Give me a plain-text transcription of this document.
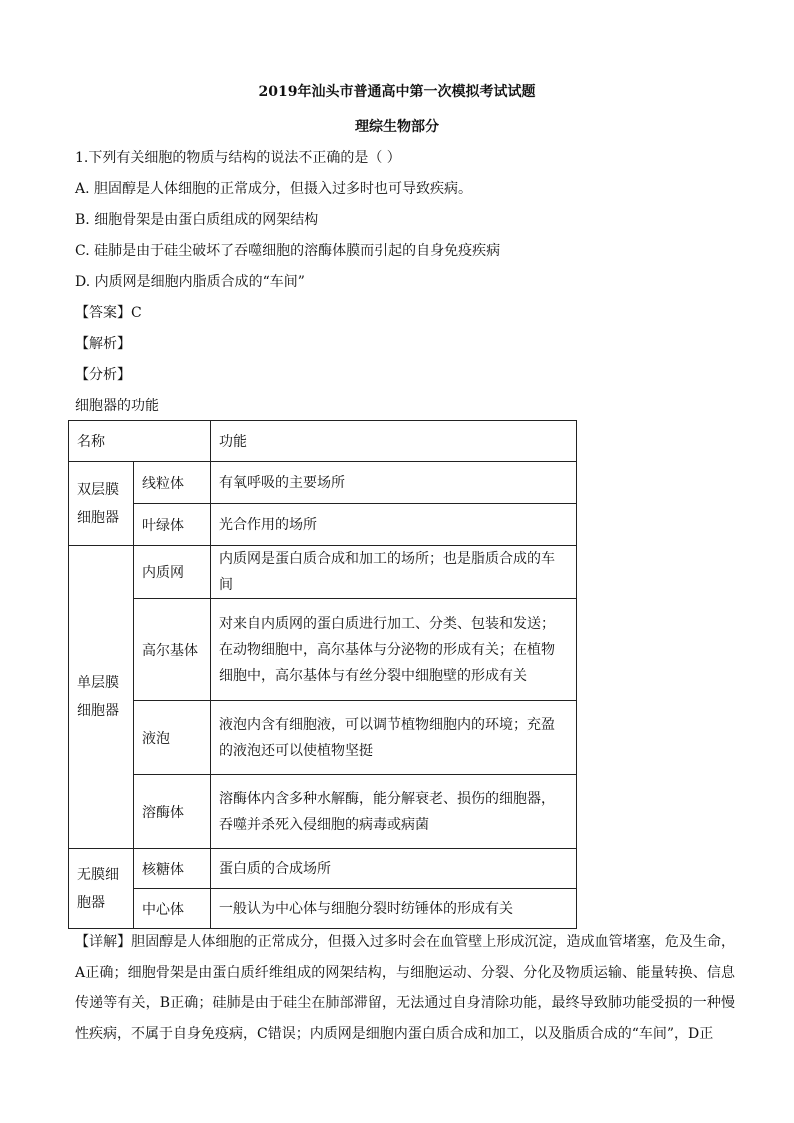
2019年汕头市普通高中第一次模拟考试试题
理综生物部分
1.下列有关细胞的物质与结构的说法不正确的是（ ）
A. 胆固醇是人体细胞的正常成分，但摄入过多时也可导致疾病。
B. 细胞骨架是由蛋白质组成的网架结构
C. 硅肺是由于硅尘破坏了吞噬细胞的溶酶体膜而引起的自身免疫疾病
D. 内质网是细胞内脂质合成的“车间”
【答案】C
【解析】
【分析】
细胞器的功能
名称		功能
双层膜细胞器	线粒体	有氧呼吸的主要场所
	叶绿体	光合作用的场所
单层膜细胞器	内质网	内质网是蛋白质合成和加工的场所；也是脂质合成的车间
	高尔基体	对来自内质网的蛋白质进行加工、分类、包装和发送；在动物细胞中，高尔基体与分泌物的形成有关；在植物细胞中，高尔基体与有丝分裂中细胞壁的形成有关
	液泡	液泡内含有细胞液，可以调节植物细胞内的环境；充盈的液泡还可以使植物坚挺
	溶酶体	溶酶体内含多种水解酶，能分解衰老、损伤的细胞器，吞噬并杀死入侵细胞的病毒或病菌
无膜细胞器	核糖体	蛋白质的合成场所
	中心体	一般认为中心体与细胞分裂时纺锤体的形成有关
【详解】胆固醇是人体细胞的正常成分，但摄入过多时会在血管壁上形成沉淀，造成血管堵塞，危及生命，A正确；细胞骨架是由蛋白质纤维组成的网架结构，与细胞运动、分裂、分化及物质运输、能量转换、信息传递等有关，B正确；硅肺是由于硅尘在肺部滞留，无法通过自身清除功能，最终导致肺功能受损的一种慢性疾病，不属于自身免疫病，C错误；内质网是细胞内蛋白质合成和加工，以及脂质合成的“车间”，D正
